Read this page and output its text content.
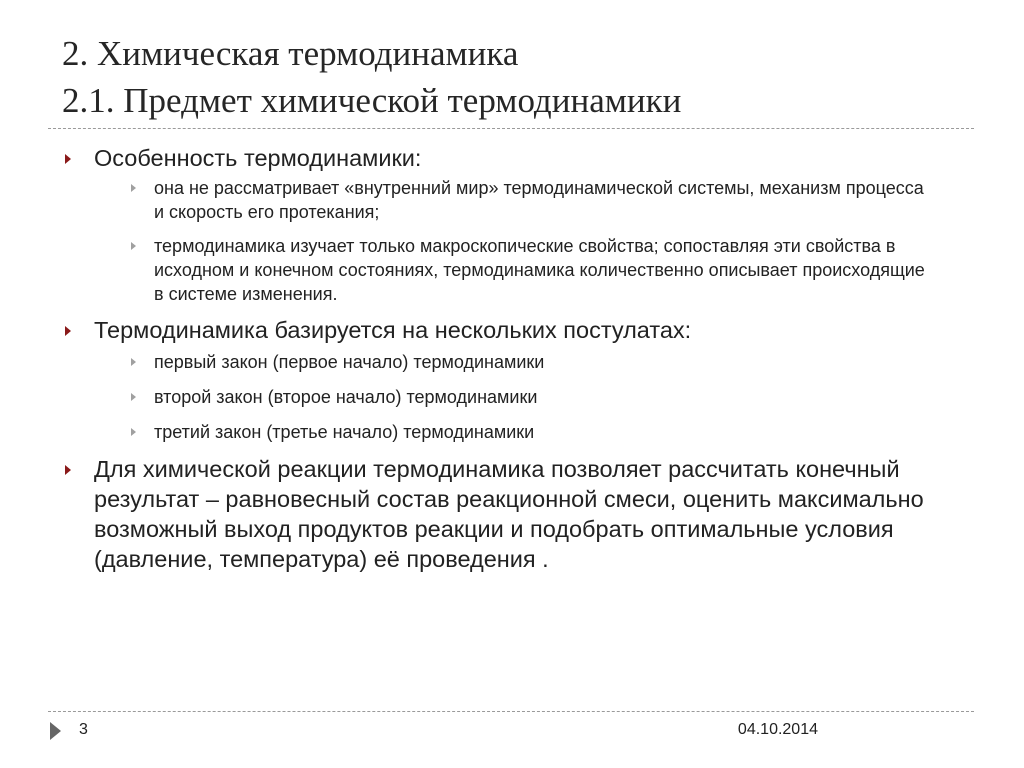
2. Химическая термодинамика
2.1. Предмет химической термодинамики
Особенность термодинамики:
она не рассматривает «внутренний мир» термодинамической системы, механизм процесса и скорость его протекания;
термодинамика изучает только макроскопические свойства; сопоставляя эти свойства в исходном и конечном состояниях, термодинамика количественно описывает происходящие в системе изменения.
Термодинамика базируется на нескольких постулатах:
первый закон (первое начало) термодинамики
второй закон (второе начало) термодинамики
третий закон (третье начало) термодинамики
Для химической реакции термодинамика позволяет рассчитать конечный результат – равновесный состав реакционной смеси, оценить максимально возможный выход продуктов реакции и подобрать оптимальные условия (давление, температура) её проведения .
3	04.10.2014
